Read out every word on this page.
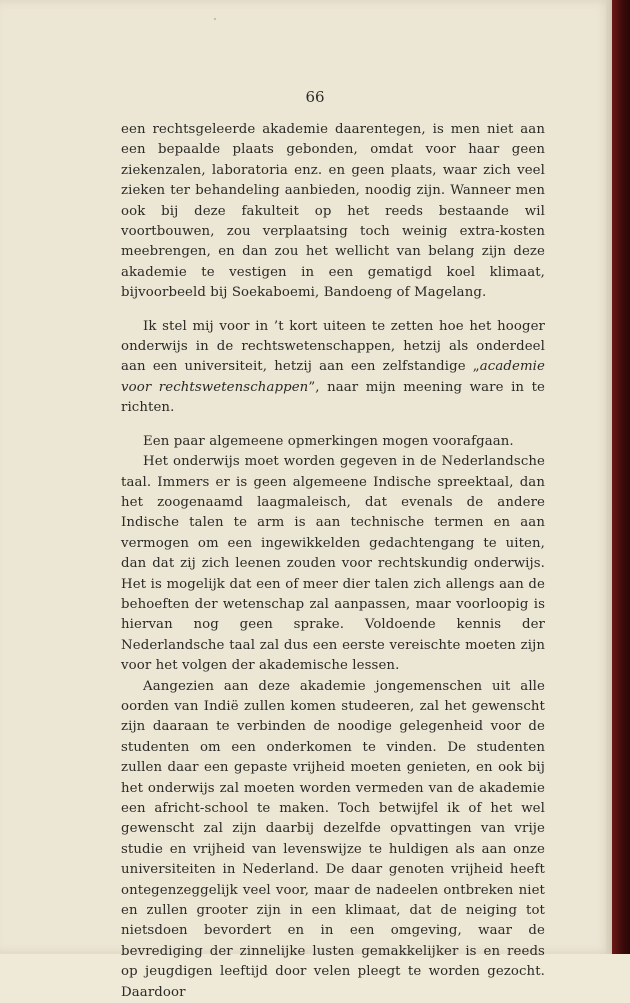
66

een rechtsgeleerde akademie daarentegen, is men niet aan een bepaalde plaats gebonden, omdat voor haar geen ziekenzalen, laboratoria enz. en geen plaats, waar zich veel zieken ter behandeling aanbieden, noodig zijn. Wanneer men ook bij deze fakulteit op het reeds bestaande wil voortbouwen, zou verplaatsing toch weinig extra-kosten meebrengen, en dan zou het wellicht van belang zijn deze akademie te vestigen in een gematigd koel klimaat, bijvoorbeeld bij Soekaboemi, Bandoeng of Magelang.

Ik stel mij voor in ’t kort uiteen te zetten hoe het hooger onderwijs in de rechtswetenschappen, hetzij als onderdeel aan een universiteit, hetzij aan een zelfstandige „academie voor rechtswetenschappen”, naar mijn meening ware in te richten.

Een paar algemeene opmerkingen mogen voorafgaan.

Het onderwijs moet worden gegeven in de Nederlandsche taal. Immers er is geen algemeene Indische spreektaal, dan het zoogenaamd laagmaleisch, dat evenals de andere Indische talen te arm is aan technische termen en aan vermogen om een ingewikkelden gedachtengang te uiten, dan dat zij zich leenen zouden voor rechtskundig onderwijs. Het is mogelijk dat een of meer dier talen zich allengs aan de behoeften der wetenschap zal aanpassen, maar voorloopig is hiervan nog geen sprake. Voldoende kennis der Nederlandsche taal zal dus een eerste vereischte moeten zijn voor het volgen der akademische lessen.

Aangezien aan deze akademie jongemenschen uit alle oorden van Indië zullen komen studeeren, zal het gewenscht zijn daaraan te verbinden de noodige gelegenheid voor de studenten om een onderkomen te vinden. De studenten zullen daar een gepaste vrijheid moeten genieten, en ook bij het onderwijs zal moeten worden vermeden van de akademie een africht-school te maken. Toch betwijfel ik of het wel gewenscht zal zijn daarbij dezelfde opvattingen van vrije studie en vrijheid van levenswijze te huldigen als aan onze universiteiten in Nederland. De daar genoten vrijheid heeft ontegenzeggelijk veel voor, maar de nadeelen ontbreken niet en zullen grooter zijn in een klimaat, dat de neiging tot nietsdoen bevordert en in een omgeving, waar de bevrediging der zinnelijke lusten gemakkelijker is en reeds op jeugdigen leeftijd door velen pleegt te worden gezocht. Daardoor
